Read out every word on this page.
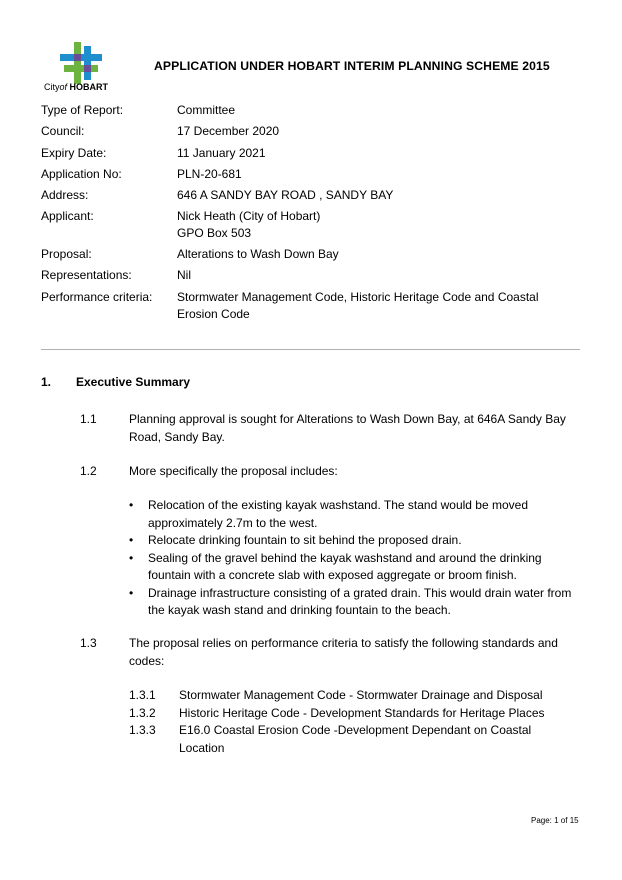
Cityof HOBART
APPLICATION UNDER HOBART INTERIM PLANNING SCHEME 2015
Type of Report:	Committee
Council:	17 December 2020
Expiry Date:	11 January 2021
Application No:	PLN-20-681
Address:	646 A SANDY BAY ROAD , SANDY BAY
Applicant:	Nick Heath (City of Hobart)
GPO Box 503
Proposal:	Alterations to Wash Down Bay
Representations:	Nil
Performance criteria: Stormwater Management Code, Historic Heritage Code and Coastal
Erosion Code
1. Executive Summary
1.1	Planning approval is sought for Alterations to Wash Down Bay, at 646A Sandy Bay Road, Sandy Bay.
1.2	More specifically the proposal includes:
• Relocation of the existing kayak washstand. The stand would be moved approximately 2.7m to the west.
• Relocate drinking fountain to sit behind the proposed drain.
• Sealing of the gravel behind the kayak washstand and around the drinking fountain with a concrete slab with exposed aggregate or broom finish.
• Drainage infrastructure consisting of a grated drain. This would drain water from the kayak wash stand and drinking fountain to the beach.
1.3	The proposal relies on performance criteria to satisfy the following standards and codes:
1.3.1 Stormwater Management Code - Stormwater Drainage and Disposal
1.3.2 Historic Heritage Code - Development Standards for Heritage Places
1.3.3 E16.0 Coastal Erosion Code -Development Dependant on Coastal Location
Page: 1 of 15
